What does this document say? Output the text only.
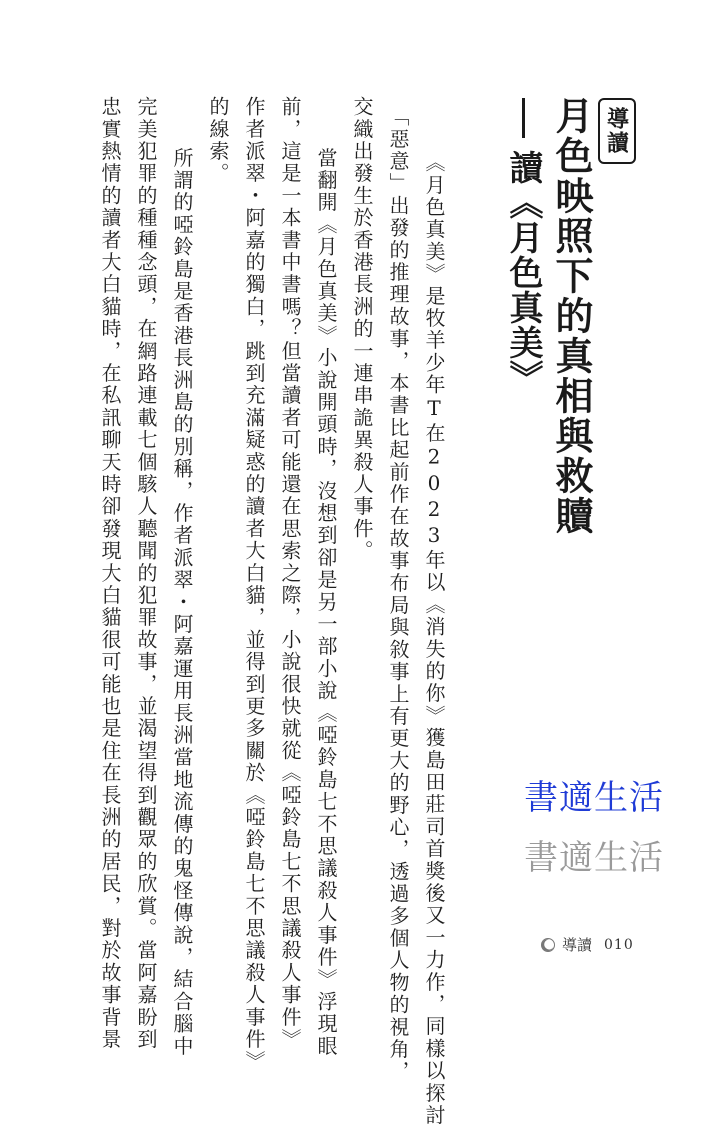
導讀
月色映照下的真相與救贖
讀《月色真美》
《月色真美》是牧羊少年T在2023年以《消失的你》獲島田莊司首獎後又一力作，同樣以探討
「惡意」出發的推理故事，本書比起前作在故事布局與敘事上有更大的野心，透過多個人物的視角，
交織出發生於香港長洲的一連串詭異殺人事件。
　當翻開《月色真美》小說開頭時，沒想到卻是另一部小說《啞鈴島七不思議殺人事件》浮現眼
前，這是一本書中書嗎？但當讀者可能還在思索之際，小說很快就從《啞鈴島七不思議殺人事件》
作者派翠・阿嘉的獨白，跳到充滿疑惑的讀者大白貓，並得到更多關於《啞鈴島七不思議殺人事件》
的線索。
　所謂的啞鈴島是香港長洲島的別稱，作者派翠・阿嘉運用長洲當地流傳的鬼怪傳說，結合腦中
完美犯罪的種種念頭，在網路連載七個駭人聽聞的犯罪故事，並渴望得到觀眾的欣賞。當阿嘉盼到
忠實熱情的讀者大白貓時，在私訊聊天時卻發現大白貓很可能也是住在長洲的居民，對於故事背景	書適生活
書適生活
導讀 010
